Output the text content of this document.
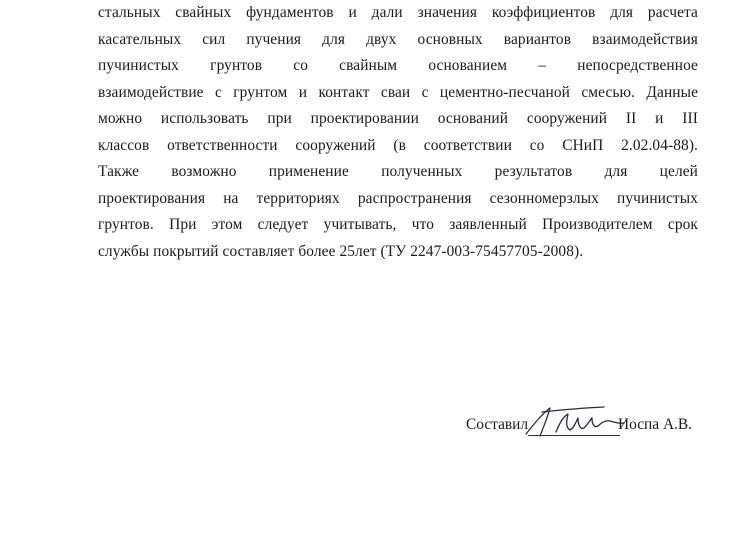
стальных свайных фундаментов и дали значения коэффициентов для расчета
касательных сил пучения для двух основных вариантов взаимодействия
пучинистых грунтов со свайным основанием – непосредственное
взаимодействие с грунтом и контакт сваи с цементно-песчаной смесью. Данные
можно использовать при проектировании оснований сооружений II и III
классов ответственности сооружений (в соответствии со СНиП 2.02.04-88).
Также возможно применение полученных результатов для целей
проектирования на территориях распространения сезонномерзлых пучинистых
грунтов. При этом следует учитывать, что заявленный Производителем срок
службы покрытий составляет более 25лет (ТУ 2247-003-75457705-2008).
Составил	Иоспа А.В.
